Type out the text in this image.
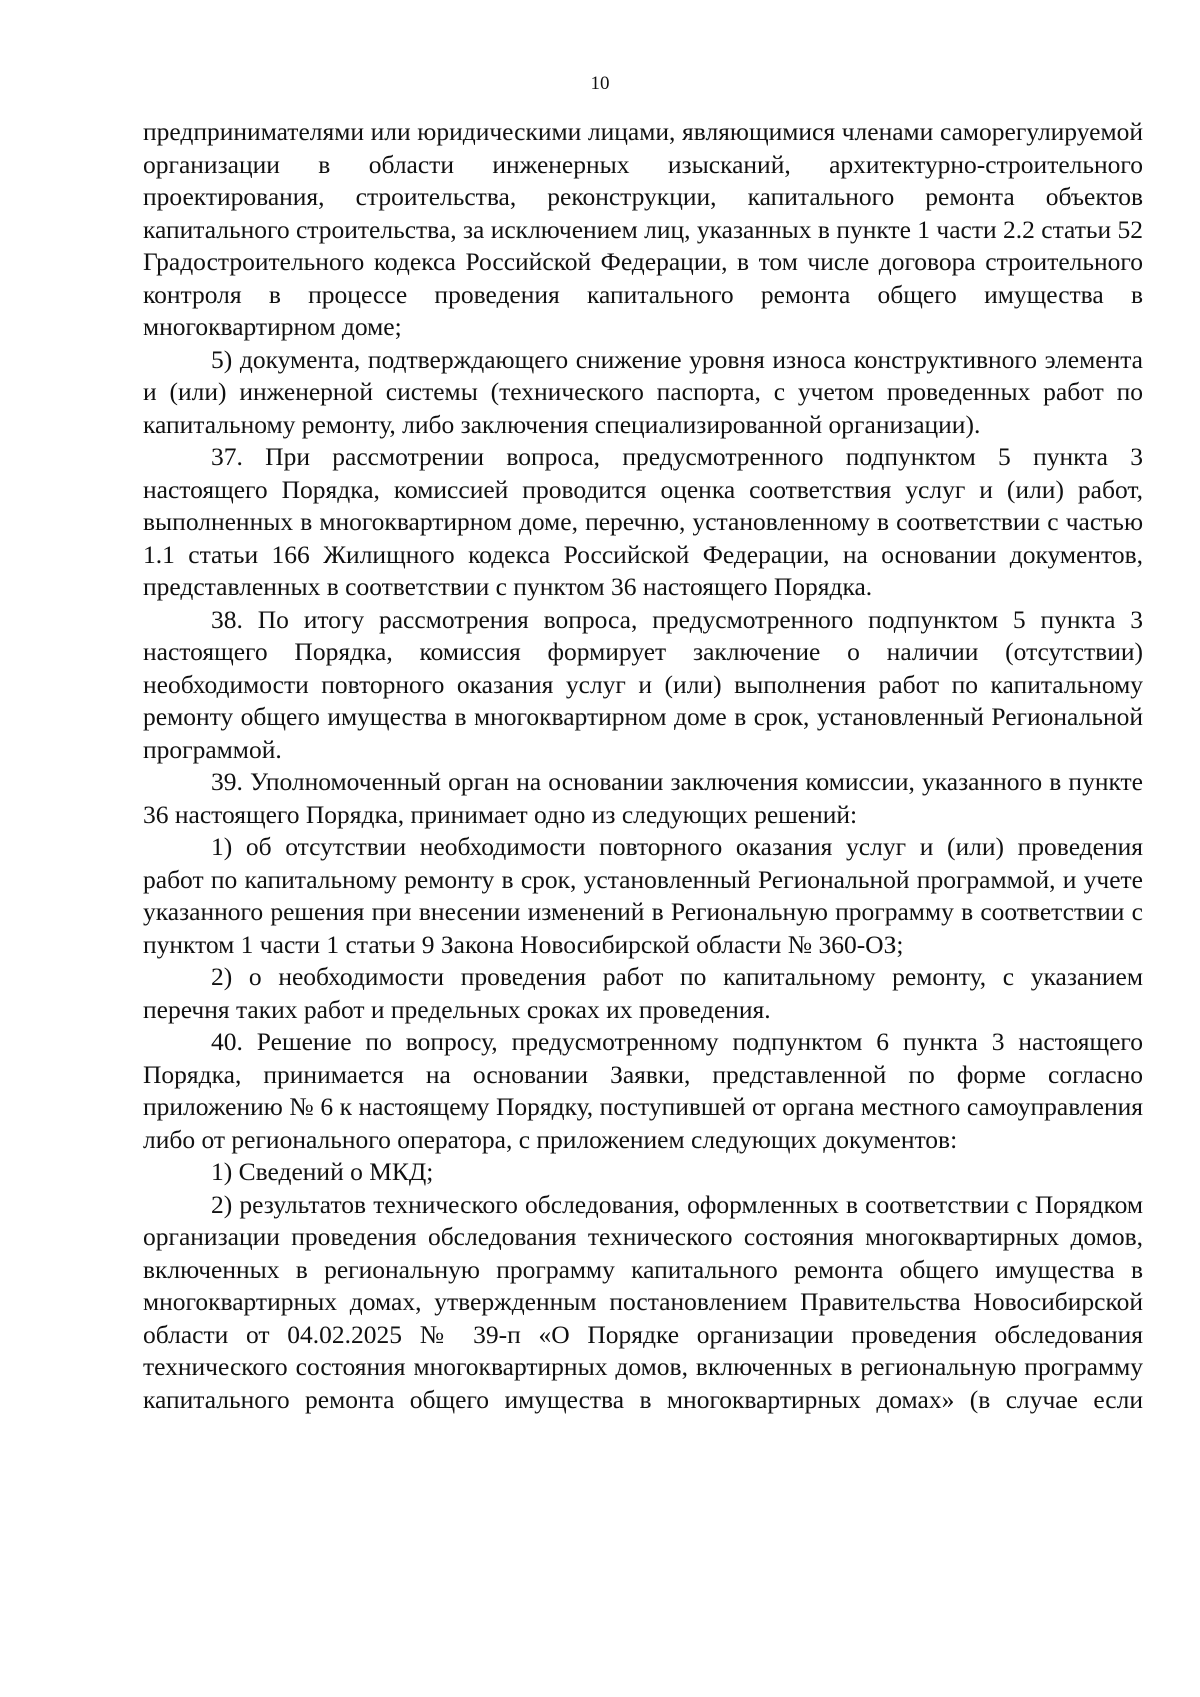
10

предпринимателями или юридическими лицами, являющимися членами саморегулируемой организации в области инженерных изысканий, архитектурно-строительного проектирования, строительства, реконструкции, капитального ремонта объектов капитального строительства, за исключением лиц, указанных в пункте 1 части 2.2 статьи 52 Градостроительного кодекса Российской Федерации, в том числе договора строительного контроля в процессе проведения капитального ремонта общего имущества в многоквартирном доме;

5) документа, подтверждающего снижение уровня износа конструктивного элемента и (или) инженерной системы (технического паспорта, с учетом проведенных работ по капитальному ремонту, либо заключения специализированной организации).

37. При рассмотрении вопроса, предусмотренного подпунктом 5 пункта 3 настоящего Порядка, комиссией проводится оценка соответствия услуг и (или) работ, выполненных в многоквартирном доме, перечню, установленному в соответствии с частью 1.1 статьи 166 Жилищного кодекса Российской Федерации, на основании документов, представленных в соответствии с пунктом 36 настоящего Порядка.

38. По итогу рассмотрения вопроса, предусмотренного подпунктом 5 пункта 3 настоящего Порядка, комиссия формирует заключение о наличии (отсутствии) необходимости повторного оказания услуг и (или) выполнения работ по капитальному ремонту общего имущества в многоквартирном доме в срок, установленный Региональной программой.

39. Уполномоченный орган на основании заключения комиссии, указанного в пункте 36 настоящего Порядка, принимает одно из следующих решений:

1) об отсутствии необходимости повторного оказания услуг и (или) проведения работ по капитальному ремонту в срок, установленный Региональной программой, и учете указанного решения при внесении изменений в Региональную программу в соответствии с пунктом 1 части 1 статьи 9 Закона Новосибирской области № 360-ОЗ;

2) о необходимости проведения работ по капитальному ремонту, с указанием перечня таких работ и предельных сроках их проведения.

40. Решение по вопросу, предусмотренному подпунктом 6 пункта 3 настоящего Порядка, принимается на основании Заявки, представленной по форме согласно приложению № 6 к настоящему Порядку, поступившей от органа местного самоуправления либо от регионального оператора, с приложением следующих документов:

1) Сведений о МКД;

2) результатов технического обследования, оформленных в соответствии с Порядком организации проведения обследования технического состояния многоквартирных домов, включенных в региональную программу капитального ремонта общего имущества в многоквартирных домах, утвержденным постановлением Правительства Новосибирской области от 04.02.2025 № 39-п «О Порядке организации проведения обследования технического состояния многоквартирных домов, включенных в региональную программу капитального ремонта общего имущества в многоквартирных домах» (в случае если
